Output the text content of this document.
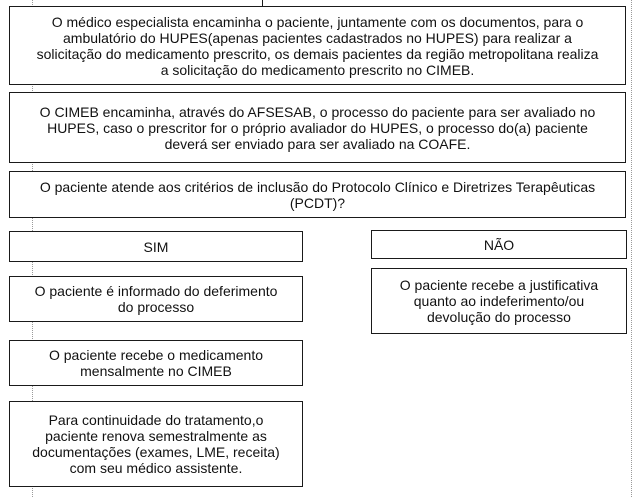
O médico especialista encaminha o paciente, juntamente com os documentos, para o
ambulatório do HUPES(apenas pacientes cadastrados no HUPES) para realizar a
solicitação do medicamento prescrito, os demais pacientes da região metropolitana realiza
a solicitação do medicamento prescrito no CIMEB.
O CIMEB encaminha, através do AFSESAB, o processo do paciente para ser avaliado no
HUPES, caso o prescritor for o próprio avaliador do HUPES, o processo do(a) paciente
deverá ser enviado para ser avaliado na COAFE.
O paciente atende aos critérios de inclusão do Protocolo Clínico e Diretrizes Terapêuticas
(PCDT)?
SIM	NÃO
O paciente é informado do deferimento
do processo
O paciente recebe a justificativa
quanto ao indeferimento/ou
devolução do processo
O paciente recebe o medicamento
mensalmente no CIMEB
Para continuidade do tratamento,o
paciente renova semestralmente as
documentações (exames, LME, receita)
com seu médico assistente.
